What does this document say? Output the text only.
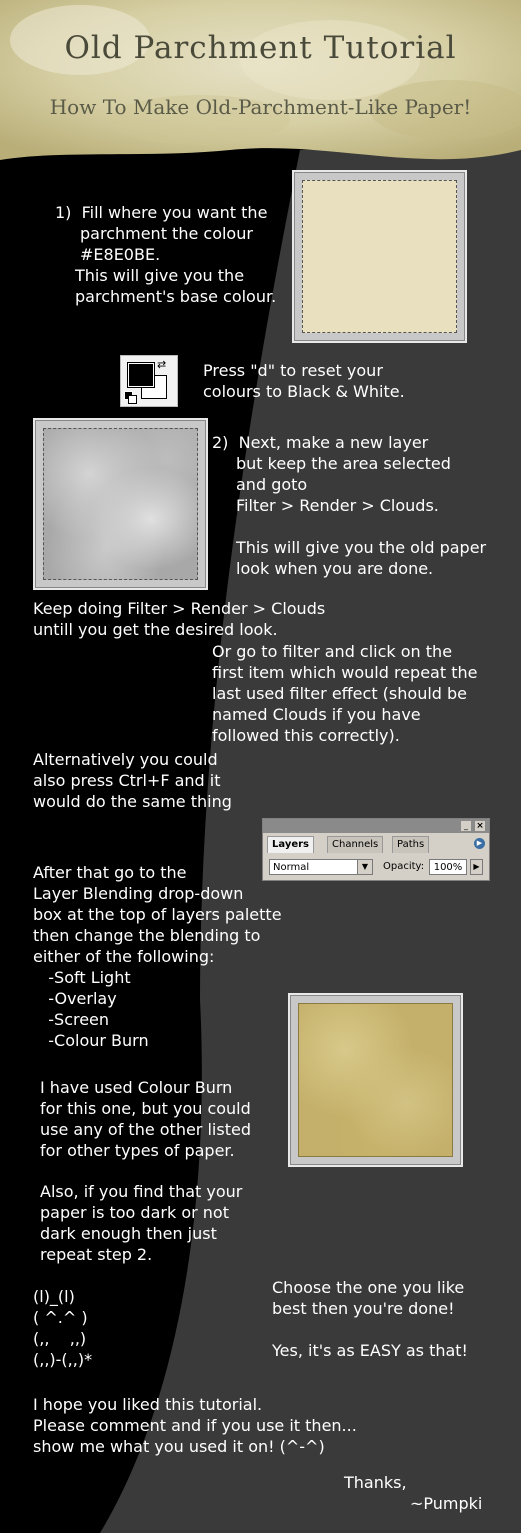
Old Parchment Tutorial
How To Make Old-Parchment-Like Paper!

1)  Fill where you want the

parchment the colour

#E8E0BE.

This will give you the

parchment's base colour.

⇄ Press "d" to reset your

colours to Black & White.

2)  Next, make a new layer

but keep the area selected

and goto

Filter > Render > Clouds.

This will give you the old paper

look when you are done.

Keep doing Filter > Render > Clouds

untill you get the desired look.

Or go to filter and click on the

first item which would repeat the

last used filter effect (should be

named Clouds if you have

followed this correctly).

Alternatively you could

also press Ctrl+F and it

would do the same thing

_ ×
Layers	Channels	Paths	▶
Normal	▼	Opacity: 100%	▶

After that go to the

Layer Blending drop-down

box at the top of layers palette

then change the blending to

either of the following:

-Soft Light

-Overlay

-Screen

-Colour Burn

I have used Colour Burn

for this one, but you could

use any of the other listed

for other types of paper.

Also, if you find that your

paper is too dark or not

dark enough then just

repeat step 2.

(l)_(l)

( ^.^ )

(,,    ,,)

(,,)-(,,)*

Choose the one you like

best then you're done!

Yes, it's as EASY as that!

I hope you liked this tutorial.

Please comment and if you use it then...

show me what you used it on! (^-^)

Thanks,

~Pumpki
